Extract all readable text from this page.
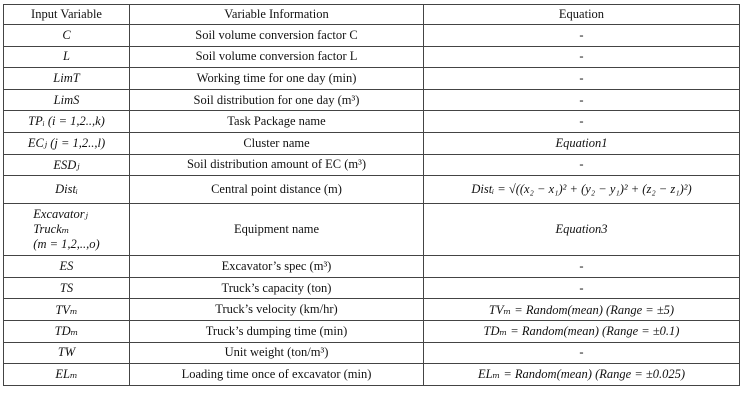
Input Variable	Variable Information	Equation
C	Soil volume conversion factor C	-
L	Soil volume conversion factor L	-
LimT	Working time for one day (min)	-
LimS	Soil distribution for one day (m³)	-
TPᵢ (i = 1,2..,k)	Task Package name	-
ECⱼ (j = 1,2..,l)	Cluster name	Equation1
ESDⱼ	Soil distribution amount of EC (m³)	-
Distᵢ	Central point distance (m)	Distᵢ = √((x₂ − x₁)² + (y₂ − y₁)² + (z₂ − z₁)²)
Excavatorⱼ
Truckₘ
(m = 1,2,..,o)	Equipment name	Equation3
ES	Excavator’s spec (m³)	-
TS	Truck’s capacity (ton)	-
TVₘ	Truck’s velocity (km/hr)	TVₘ = Random(mean) (Range = ±5)
TDₘ	Truck’s dumping time (min)	TDₘ = Random(mean) (Range = ±0.1)
TW	Unit weight (ton/m³)	-
ELₘ	Loading time once of excavator (min)	ELₘ = Random(mean) (Range = ±0.025)
